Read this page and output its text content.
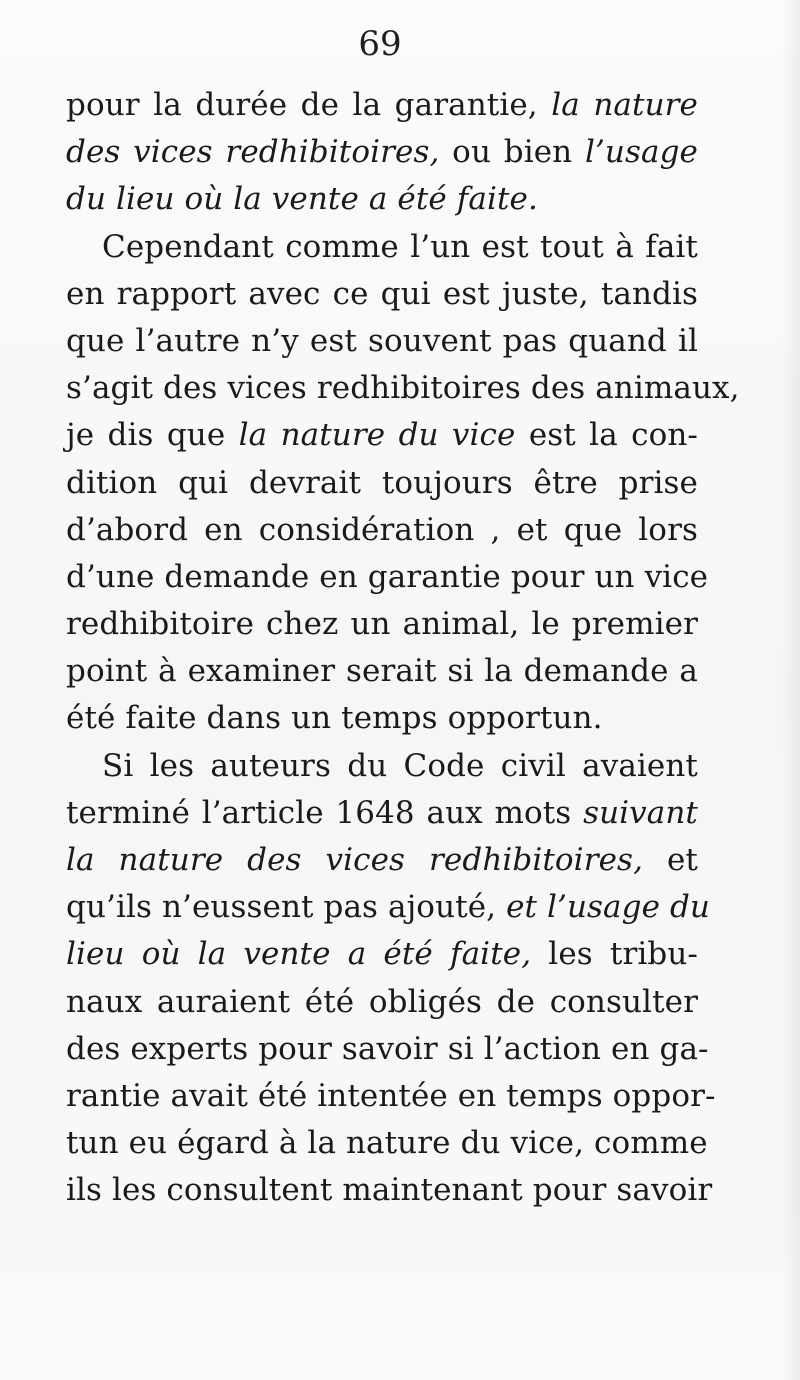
69
pour la durée de la garantie, la nature
des vices redhibitoires, ou bien l’usage
du lieu où la vente a été faite.
Cependant comme l’un est tout à fait
en rapport avec ce qui est juste, tandis
que l’autre n’y est souvent pas quand il
s’agit des vices redhibitoires des animaux,
je dis que la nature du vice est la con-
dition qui devrait toujours être prise
d’abord en considération , et que lors
d’une demande en garantie pour un vice
redhibitoire chez un animal, le premier
point à examiner serait si la demande a
été faite dans un temps opportun.
Si les auteurs du Code civil avaient
terminé l’article 1648 aux mots suivant
la nature des vices redhibitoires, et
qu’ils n’eussent pas ajouté, et l’usage du
lieu où la vente a été faite, les tribu-
naux auraient été obligés de consulter
des experts pour savoir si l’action en ga-
rantie avait été intentée en temps oppor-
tun eu égard à la nature du vice, comme
ils les consultent maintenant pour savoir
